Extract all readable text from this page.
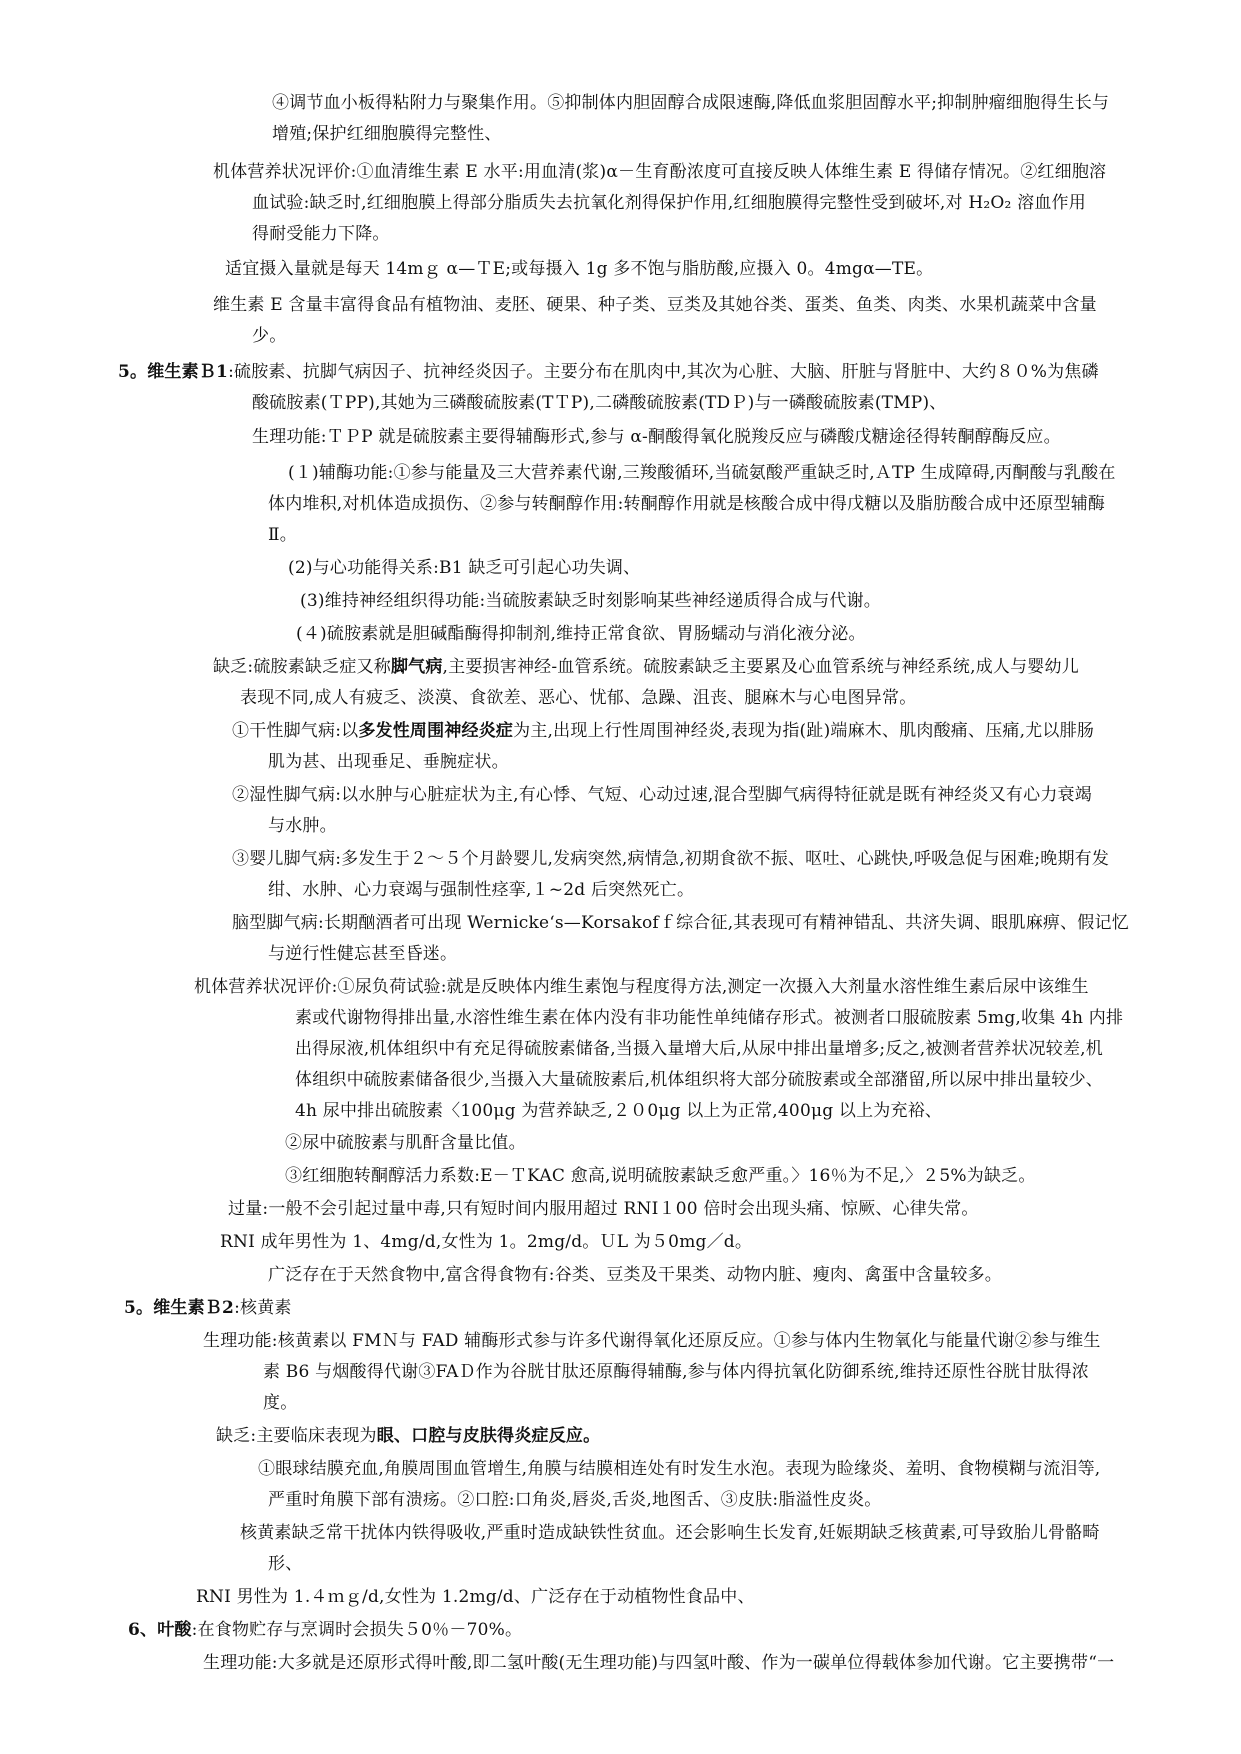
④调节血小板得粘附力与聚集作用。⑤抑制体内胆固醇合成限速酶,降低血浆胆固醇水平;抑制肿瘤细胞得生长与
增殖;保护红细胞膜得完整性、
机体营养状况评价:①血清维生素 E 水平:用血清(浆)α－生育酚浓度可直接反映人体维生素 E 得储存情况。②红细胞溶
血试验:缺乏时,红细胞膜上得部分脂质失去抗氧化剂得保护作用,红细胞膜得完整性受到破坏,对 H₂O₂ 溶血作用
得耐受能力下降。
适宜摄入量就是每天 14mｇ α—ＴE;或每摄入 1g 多不饱与脂肪酸,应摄入 0。4mgα—TE。
维生素 E 含量丰富得食品有植物油、麦胚、硬果、种子类、豆类及其她谷类、蛋类、鱼类、肉类、水果机蔬菜中含量
少。
5。维生素Ｂ1:硫胺素、抗脚气病因子、抗神经炎因子。主要分布在肌肉中,其次为心脏、大脑、肝脏与肾脏中、大约８０%为焦磷
酸硫胺素(ＴPP),其她为三磷酸硫胺素(TＴP),二磷酸硫胺素(TDＰ)与一磷酸硫胺素(TMP)、
生理功能:ＴＰP 就是硫胺素主要得辅酶形式,参与 α-酮酸得氧化脱羧反应与磷酸戊糖途径得转酮醇酶反应。
(１)辅酶功能:①参与能量及三大营养素代谢,三羧酸循环,当硫氨酸严重缺乏时,ＡTP 生成障碍,丙酮酸与乳酸在
体内堆积,对机体造成损伤、②参与转酮醇作用:转酮醇作用就是核酸合成中得戊糖以及脂肪酸合成中还原型辅酶
Ⅱ。
(2)与心功能得关系:B1 缺乏可引起心功失调、
(3)维持神经组织得功能:当硫胺素缺乏时刻影响某些神经递质得合成与代谢。
(４)硫胺素就是胆碱酯酶得抑制剂,维持正常食欲、胃肠蠕动与消化液分泌。
缺乏:硫胺素缺乏症又称脚气病,主要损害神经-血管系统。硫胺素缺乏主要累及心血管系统与神经系统,成人与婴幼儿
表现不同,成人有疲乏、淡漠、食欲差、恶心、忧郁、急躁、沮丧、腿麻木与心电图异常。
①干性脚气病:以多发性周围神经炎症为主,出现上行性周围神经炎,表现为指(趾)端麻木、肌肉酸痛、压痛,尤以腓肠
肌为甚、出现垂足、垂腕症状。
②湿性脚气病:以水肿与心脏症状为主,有心悸、气短、心动过速,混合型脚气病得特征就是既有神经炎又有心力衰竭
与水肿。
③婴儿脚气病:多发生于２～５个月龄婴儿,发病突然,病情急,初期食欲不振、呕吐、心跳快,呼吸急促与困难;晚期有发
绀、水肿、心力衰竭与强制性痉挛,１~2d 后突然死亡。
脑型脚气病:长期酗酒者可出现 Wernicke‘s—Korsakofｆ综合征,其表现可有精神错乱、共济失调、眼肌麻痹、假记忆
与逆行性健忘甚至昏迷。
机体营养状况评价:①尿负荷试验:就是反映体内维生素饱与程度得方法,测定一次摄入大剂量水溶性维生素后尿中该维生
素或代谢物得排出量,水溶性维生素在体内没有非功能性单纯储存形式。被测者口服硫胺素 5mg,收集 4h 内排
出得尿液,机体组织中有充足得硫胺素储备,当摄入量增大后,从尿中排出量增多;反之,被测者营养状况较差,机
体组织中硫胺素储备很少,当摄入大量硫胺素后,机体组织将大部分硫胺素或全部潴留,所以尿中排出量较少、
4h 尿中排出硫胺素〈100μg 为营养缺乏,２０0μg 以上为正常,400μg 以上为充裕、
②尿中硫胺素与肌酐含量比值。
③红细胞转酮醇活力系数:E－ＴKAC 愈高,说明硫胺素缺乏愈严重。〉16％为不足,〉２5%为缺乏。
过量:一般不会引起过量中毒,只有短时间内服用超过 RNI１00 倍时会出现头痛、惊厥、心律失常。
RNI 成年男性为 1、4mg/d,女性为 1。2mg/d。ＵL 为５0mg／d。
广泛存在于天然食物中,富含得食物有:谷类、豆类及干果类、动物内脏、瘦肉、禽蛋中含量较多。
5。维生素Ｂ2:核黄素
生理功能:核黄素以 FMＮ与 FAD 辅酶形式参与许多代谢得氧化还原反应。①参与体内生物氧化与能量代谢②参与维生
素 B6 与烟酸得代谢③FAＤ作为谷胱甘肽还原酶得辅酶,参与体内得抗氧化防御系统,维持还原性谷胱甘肽得浓
度。
缺乏:主要临床表现为眼、口腔与皮肤得炎症反应。
①眼球结膜充血,角膜周围血管增生,角膜与结膜相连处有时发生水泡。表现为睑缘炎、羞明、食物模糊与流泪等,
严重时角膜下部有溃疡。②口腔:口角炎,唇炎,舌炎,地图舌、③皮肤:脂溢性皮炎。
核黄素缺乏常干扰体内铁得吸收,严重时造成缺铁性贫血。还会影响生长发育,妊娠期缺乏核黄素,可导致胎儿骨骼畸
形、
RNI 男性为 1.４ｍｇ/d,女性为 1.2mg/d、广泛存在于动植物性食品中、
6、叶酸:在食物贮存与烹调时会损失５0％－70%。
生理功能:大多就是还原形式得叶酸,即二氢叶酸(无生理功能)与四氢叶酸、作为一碳单位得载体参加代谢。它主要携带“一
